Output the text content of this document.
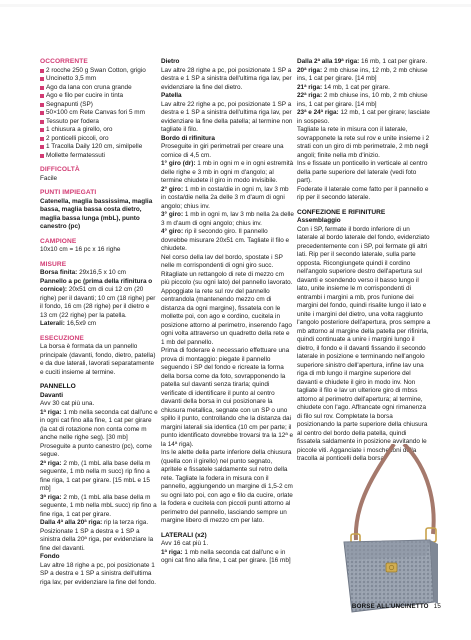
OCCORRENTE
2 rocche 250 g Swan Cotton, grigio
Uncinetto 3,5 mm
Ago da lana con cruna grande
Ago e filo per cucire in tinta
Segnapunti (SP)
50×100 cm Rete Canvas fori 5 mm
Tessuto per fodera
1 chiusura a girello, oro
2 ponticelli piccoli, oro
1 Tracolla Daily 120 cm, similpelle
Mollette fermatessuti
DIFFICOLTÀ

Facile

PUNTI IMPIEGATI

Catenella, maglia bassissima, maglia bassa, maglia bassa costa dietro, maglia bassa lunga (mbL), punto canestro (pc)

CAMPIONE

10x10 cm = 16 pc x 16 righe

MISURE

Borsa finita: 29x16,5 x 10 cm

Pannello a pc (prima della rifinitura o cornice): 20x51 cm di cui 12 cm (20 righe) per il davanti; 10 cm (18 righe) per il fondo, 16 cm (28 righe) per il dietro e 13 cm (22 righe) per la patella.

Laterali: 16,5x9 cm

ESECUZIONE

La borsa è formata da un pannello principale (davanti, fondo, dietro, patella) e da due laterali, lavorati separatamente e cuciti insieme al termine.

PANNELLO

Davanti

Avv 30 cat più una.

1ª riga: 1 mb nella seconda cat dall'unc e in ogni cat fino alla fine, 1 cat per girare (la cat di rotazione non conta come m anche nelle righe seg). [30 mb] Proseguite a punto canestro (pc), come segue.

2ª riga: 2 mb, (1 mbL alla base della m seguente, 1 mb nella m succ) rip fino a fine riga, 1 cat per girare. [15 mbL e 15 mb]

3ª riga: 2 mb, (1 mbL alla base della m seguente, 1 mb nella mbL succ) rip fino a fine riga, 1 cat per girare.

Dalla 4ª alla 20ª riga: rip la terza riga. Posizionate 1 SP a destra e 1 SP a sinistra della 20ª riga, per evidenziare la fine del davanti.

Fondo

Lav altre 18 righe a pc, poi posizionate 1 SP a destra e 1 SP a sinistra dell'ultima riga lav, per evidenziare la fine del fondo.

Dietro

Lav altre 28 righe a pc, poi posizionate 1 SP a destra e 1 SP a sinistra dell'ultima riga lav, per evidenziare la fine del dietro.

Patella

Lav altre 22 righe a pc, poi posizionate 1 SP a destra e 1 SP a sinistra dell'ultima riga lav, per evidenziare la fine della patella; al termine non tagliate il filo.

Bordo di rifinitura

Proseguite in giri perimetrali per creare una cornice di 4,5 cm.

1° giro (dr): 1 mb in ogni m e in ogni estremità delle righe e 3 mb in ogni m d'angolo; al termine chiudete il giro in modo invisibile.

2° giro: 1 mb in costa/die in ogni m, lav 3 mb in costa/die nella 2a delle 3 m d'aum di ogni angolo; chius inv.

3° giro: 1 mb in ogni m, lav 3 mb nella 2a delle 3 m d'aum di ogni angolo; chius inv.

4° giro: rip il secondo giro. Il pannello dovrebbe misurare 20x51 cm. Tagliate il filo e chiudete.

Nel corso della lav del bordo, spostate i SP nelle m corrispondenti di ogni giro succ. Ritagliate un rettangolo di rete di mezzo cm più piccolo (su ogni lato) del pannello lavorato. Appoggiate la rete sul rov del pannello centrandola (mantenendo mezzo cm di distanza da ogni margine), fissatela con le mollette poi, con ago e cordino, cucitela in posizione attorno al perimetro, inserendo l'ago ogni volta attraverso un quadretto della rete e 1 mb del pannello.

Prima di foderare è necessario effettuare una prova di montaggio: piegate il pannello seguendo i SP del fondo e ricreate la forma della borsa come da foto, sovrapponendo la patella sul davanti senza tirarla; quindi verificate di identificare il punto al centro davanti della borsa in cui posizionare la chiusura metallica, segnate con un SP o uno spillo il punto, controllando che la distanza dai margini laterali sia identica (10 cm per parte; il punto identificato dovrebbe trovarsi tra la 12ª e la 14ª riga).

Ins le alette della parte inferiore della chiusura (quella con il girello) nel punto segnato, apritele e fissatele saldamente sul retro della rete. Tagliate la fodera in misura con il pannello, aggiungendo un margine di 1,5-2 cm su ogni lato poi, con ago e filo da cucire, orlate la fodera e cucitela con piccoli punti attorno al perimetro del pannello, lasciando sempre un margine libero di mezzo cm per lato.

LATERALI (x2)

Avv 16 cat più 1.

1ª riga: 1 mb nella seconda cat dall'unc e in ogni cat fino alla fine, 1 cat per girare. [16 mb]

Dalla 2ª alla 19ª riga: 16 mb, 1 cat per girare.

20ª riga: 2 mb chiuse ins, 12 mb, 2 mb chiuse ins, 1 cat per girare. [14 mb]

21ª riga: 14 mb, 1 cat per girare.

22ª riga: 2 mb chiuse ins, 10 mb, 2 mb chiuse ins, 1 cat per girare. [14 mb]

23ª e 24ª riga: 12 mb, 1 cat per girare; lasciate in sospeso.

Tagliate la rete in misura con il laterale, sovrapponete la rete sul rov e unite insieme i 2 strati con un giro di mb perimetrale, 2 mb negli angoli; finite nella mb d'inizio.

Ins e fissate un ponticello in verticale al centro della parte superiore del laterale (vedi foto part).

Foderate il laterale come fatto per il pannello e rip per il secondo laterale.

CONFEZIONE E RIFINITURE

Assemblaggio

Con i SP, fermate il bordo inferiore di un laterale al bordo laterale del fondo, evidenziato precedentemente con i SP, poi fermate gli altri lati. Rip per il secondo laterale, sulla parte opposta. Ricongiungete quindi il cordino nell'angolo superiore destro dell'apertura sul davanti e scendendo verso il basso lungo il lato, unite insieme le m corrispondenti di entrambi i margini a mb, pros l'unione dei margini del fondo, quindi risalite lungo il lato e unite i margini del dietro, una volta raggiunto l'angolo posteriore dell'apertura, pros sempre a mb attorno al margine della patella per rifinirla, quindi continuate a unire i margini lungo il dietro, il fondo e il davanti fissando il secondo laterale in posizione e terminando nell'angolo superiore sinistro dell'apertura, infine lav una riga di mb lungo il margine superiore del davanti e chiudete il giro in modo inv. Non tagliate il filo e lav un ulteriore giro di mbss attorno al perimetro dell'apertura; al termine, chiudete con l'ago. Affrancate ogni rimanenza di filo sul rov. Completate la borsa posizionando la parte superiore della chiusura al centro del bordo della patella, quindi fissatela saldamente in posizione avvitando le piccole viti. Agganciate i moschettoni della tracolla ai ponticelli della borsa.

BORSE ALL'UNCINETTO 15
